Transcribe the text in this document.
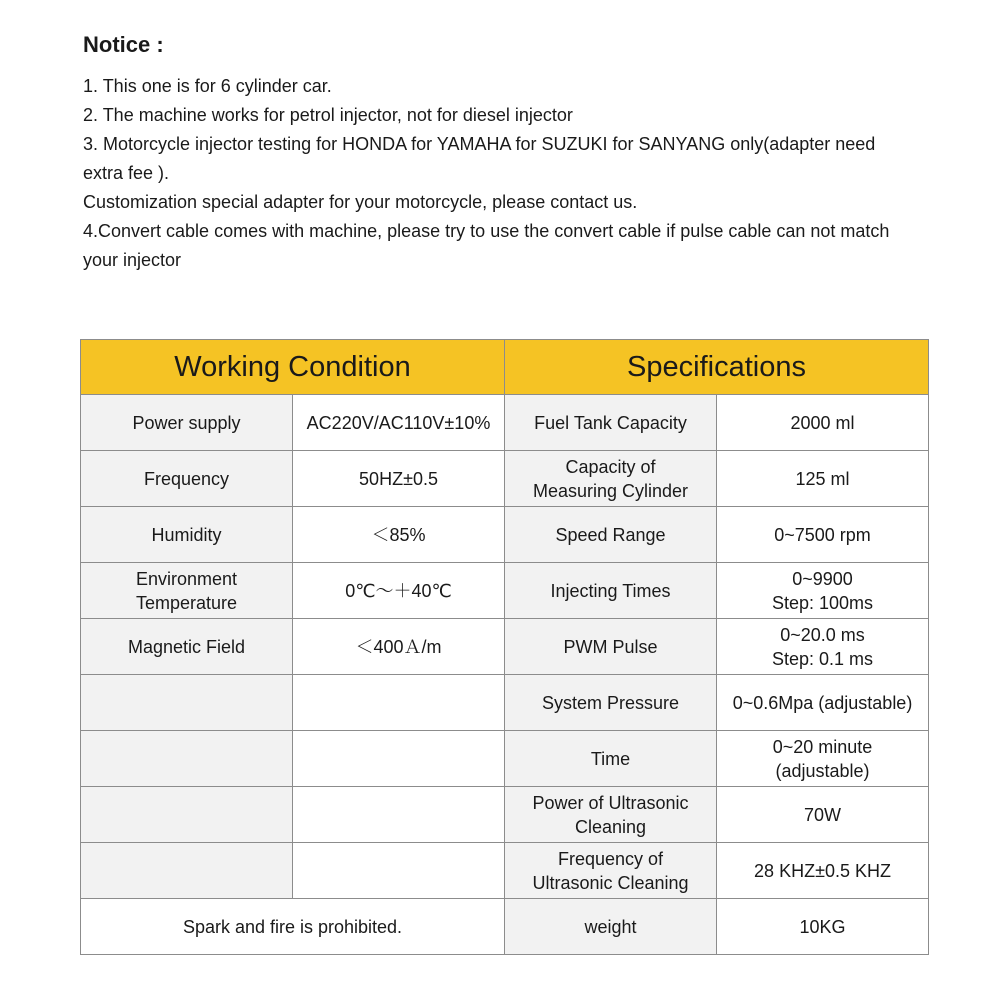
Notice :

1. This one is for 6 cylinder car.

2. The machine works for petrol injector, not for diesel injector

3. Motorcycle injector testing for HONDA for YAMAHA for SUZUKI for SANYANG only(adapter need

extra fee ).

Customization special adapter for your motorcycle, please contact us.

4.Convert cable comes with machine, please try to use the convert cable if pulse cable can not match

your injector

Working Condition		Specifications	

Power supply	AC220V/AC110V±10%	Fuel Tank Capacity	2000 ml

Frequency	50HZ±0.5	Capacity of
Measuring Cylinder	125 ml

Humidity	＜85%	Speed Range	0~7500 rpm

Environment
Temperature	0℃～＋40℃	Injecting Times	0~9900
Step: 100ms

Magnetic Field	＜400Ａ/m	PWM Pulse	0~20.0 ms
Step: 0.1 ms

		System Pressure	0~0.6Mpa (adjustable)

		Time	0~20 minute
(adjustable)

		Power of Ultrasonic
Cleaning	70W

		Frequency of
Ultrasonic Cleaning	28 KHZ±0.5 KHZ

Spark and fire is prohibited.		weight	10KG
